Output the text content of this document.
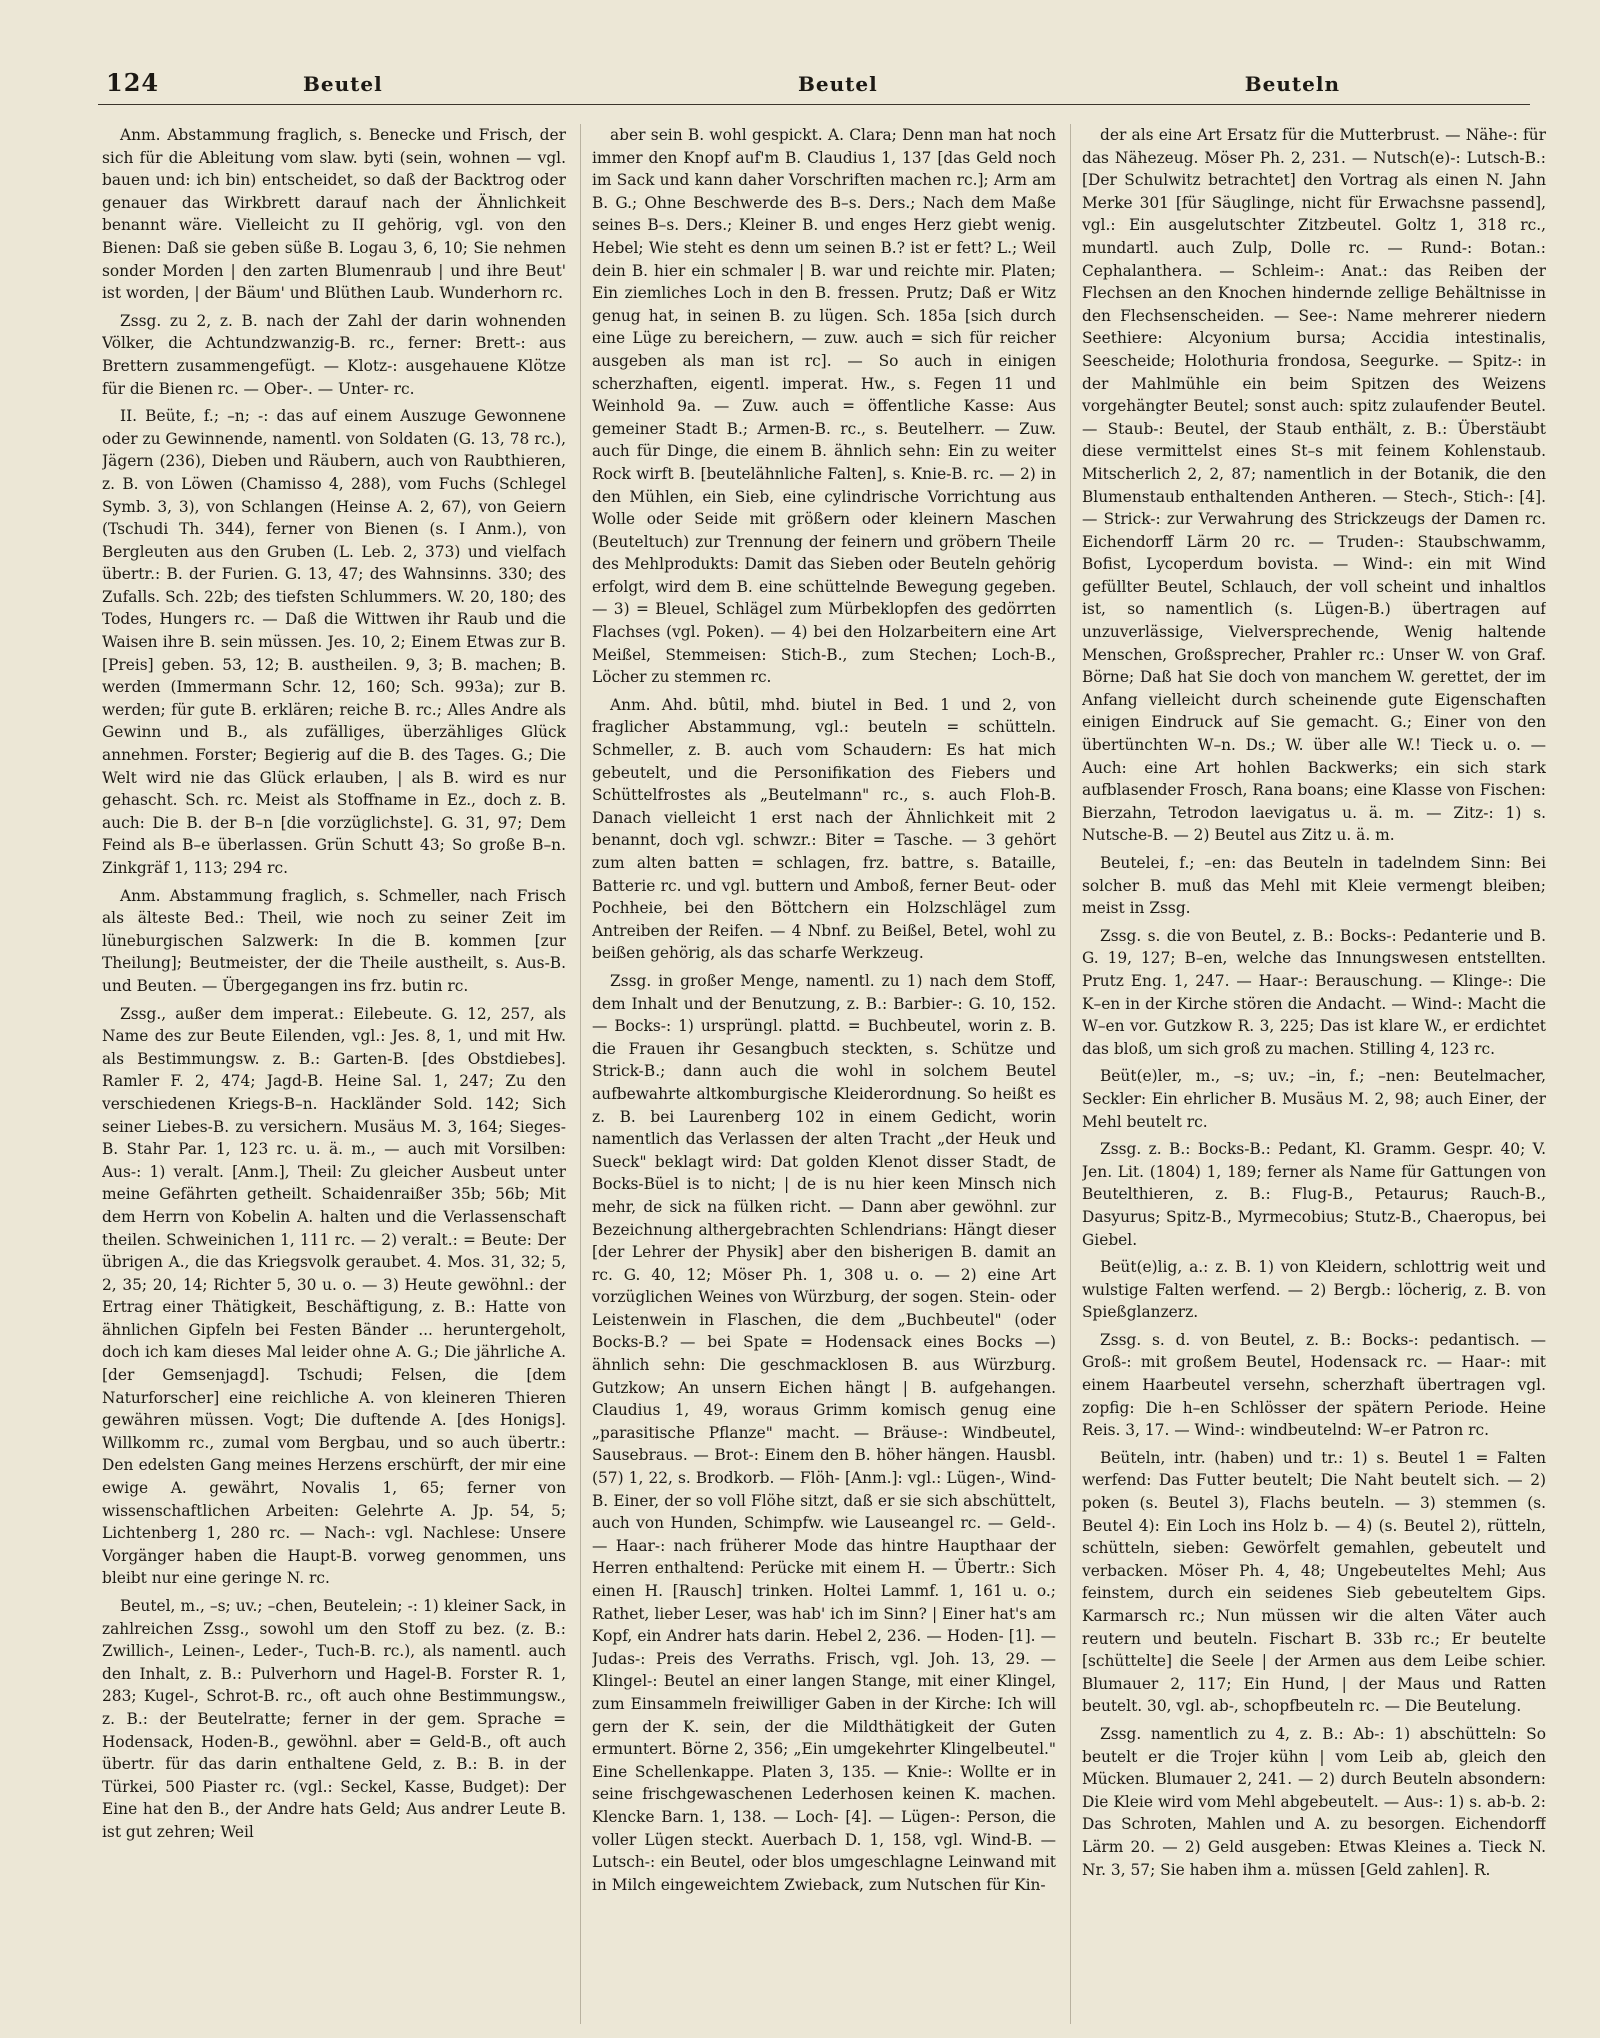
124	Beutel	Beutel	Beuteln

Anm. Abstammung fraglich, s. Benecke und Frisch, der sich für die Ableitung vom slaw. byti (sein, wohnen — vgl. bauen und: ich bin) entscheidet, so daß der Backtrog oder genauer das Wirkbrett darauf nach der Ähnlichkeit benannt wäre. Vielleicht zu II gehörig, vgl. von den Bienen: Daß sie geben süße B. Logau 3, 6, 10; Sie nehmen sonder Morden | den zarten Blumenraub | und ihre Beut' ist worden, | der Bäum' und Blüthen Laub. Wunderhorn rc.

Zssg. zu 2, z. B. nach der Zahl der darin wohnenden Völker, die Achtundzwanzig-B. rc., ferner: Brett-: aus Brettern zusammengefügt. — Klotz-: ausgehauene Klötze für die Bienen rc. — Ober-. — Unter- rc.

II. Beüte, f.; –n; -: das auf einem Auszuge Gewonnene oder zu Gewinnende, namentl. von Soldaten (G. 13, 78 rc.), Jägern (236), Dieben und Räubern, auch von Raubthieren, z. B. von Löwen (Chamisso 4, 288), vom Fuchs (Schlegel Symb. 3, 3), von Schlangen (Heinse A. 2, 67), von Geiern (Tschudi Th. 344), ferner von Bienen (s. I Anm.), von Bergleuten aus den Gruben (L. Leb. 2, 373) und vielfach übertr.: B. der Furien. G. 13, 47; des Wahnsinns. 330; des Zufalls. Sch. 22b; des tiefsten Schlummers. W. 20, 180; des Todes, Hungers rc. — Daß die Wittwen ihr Raub und die Waisen ihre B. sein müssen. Jes. 10, 2; Einem Etwas zur B. [Preis] geben. 53, 12; B. austheilen. 9, 3; B. machen; B. werden (Immermann Schr. 12, 160; Sch. 993a); zur B. werden; für gute B. erklären; reiche B. rc.; Alles Andre als Gewinn und B., als zufälliges, überzähliges Glück annehmen. Forster; Begierig auf die B. des Tages. G.; Die Welt wird nie das Glück erlauben, | als B. wird es nur gehascht. Sch. rc. Meist als Stoffname in Ez., doch z. B. auch: Die B. der B–n [die vorzüglichste]. G. 31, 97; Dem Feind als B–e überlassen. Grün Schutt 43; So große B–n. Zinkgräf 1, 113; 294 rc.

Anm. Abstammung fraglich, s. Schmeller, nach Frisch als älteste Bed.: Theil, wie noch zu seiner Zeit im lüneburgischen Salzwerk: In die B. kommen [zur Theilung]; Beutmeister, der die Theile austheilt, s. Aus-B. und Beuten. — Übergegangen ins frz. butin rc.

Zssg., außer dem imperat.: Eilebeute. G. 12, 257, als Name des zur Beute Eilenden, vgl.: Jes. 8, 1, und mit Hw. als Bestimmungsw. z. B.: Garten-B. [des Obstdiebes]. Ramler F. 2, 474; Jagd-B. Heine Sal. 1, 247; Zu den verschiedenen Kriegs-B–n. Hackländer Sold. 142; Sich seiner Liebes-B. zu versichern. Musäus M. 3, 164; Sieges-B. Stahr Par. 1, 123 rc. u. ä. m., — auch mit Vorsilben: Aus-: 1) veralt. [Anm.], Theil: Zu gleicher Ausbeut unter meine Gefährten getheilt. Schaidenraißer 35b; 56b; Mit dem Herrn von Kobelin A. halten und die Verlassenschaft theilen. Schweinichen 1, 111 rc. — 2) veralt.: = Beute: Der übrigen A., die das Kriegsvolk geraubet. 4. Mos. 31, 32; 5, 2, 35; 20, 14; Richter 5, 30 u. o. — 3) Heute gewöhnl.: der Ertrag einer Thätigkeit, Beschäftigung, z. B.: Hatte von ähnlichen Gipfeln bei Festen Bänder ... heruntergeholt, doch ich kam dieses Mal leider ohne A. G.; Die jährliche A. [der Gemsenjagd]. Tschudi; Felsen, die [dem Naturforscher] eine reichliche A. von kleineren Thieren gewähren müssen. Vogt; Die duftende A. [des Honigs]. Willkomm rc., zumal vom Bergbau, und so auch übertr.: Den edelsten Gang meines Herzens erschürft, der mir eine ewige A. gewährt, Novalis 1, 65; ferner von wissenschaftlichen Arbeiten: Gelehrte A. Jp. 54, 5; Lichtenberg 1, 280 rc. — Nach-: vgl. Nachlese: Unsere Vorgänger haben die Haupt-B. vorweg genommen, uns bleibt nur eine geringe N. rc.

Beutel, m., –s; uv.; –chen, Beutelein; -: 1) kleiner Sack, in zahlreichen Zssg., sowohl um den Stoff zu bez. (z. B.: Zwillich-, Leinen-, Leder-, Tuch-B. rc.), als namentl. auch den Inhalt, z. B.: Pulverhorn und Hagel-B. Forster R. 1, 283; Kugel-, Schrot-B. rc., oft auch ohne Bestimmungsw., z. B.: der Beutelratte; ferner in der gem. Sprache = Hodensack, Hoden-B., gewöhnl. aber = Geld-B., oft auch übertr. für das darin enthaltene Geld, z. B.: B. in der Türkei, 500 Piaster rc. (vgl.: Seckel, Kasse, Budget): Der Eine hat den B., der Andre hats Geld; Aus andrer Leute B. ist gut zehren; Weil

aber sein B. wohl gespickt. A. Clara; Denn man hat noch immer den Knopf auf'm B. Claudius 1, 137 [das Geld noch im Sack und kann daher Vorschriften machen rc.]; Arm am B. G.; Ohne Beschwerde des B–s. Ders.; Nach dem Maße seines B–s. Ders.; Kleiner B. und enges Herz giebt wenig. Hebel; Wie steht es denn um seinen B.? ist er fett? L.; Weil dein B. hier ein schmaler | B. war und reichte mir. Platen; Ein ziemliches Loch in den B. fressen. Prutz; Daß er Witz genug hat, in seinen B. zu lügen. Sch. 185a [sich durch eine Lüge zu bereichern, — zuw. auch = sich für reicher ausgeben als man ist rc]. — So auch in einigen scherzhaften, eigentl. imperat. Hw., s. Fegen 11 und Weinhold 9a. — Zuw. auch = öffentliche Kasse: Aus gemeiner Stadt B.; Armen-B. rc., s. Beutelherr. — Zuw. auch für Dinge, die einem B. ähnlich sehn: Ein zu weiter Rock wirft B. [beutelähnliche Falten], s. Knie-B. rc. — 2) in den Mühlen, ein Sieb, eine cylindrische Vorrichtung aus Wolle oder Seide mit größern oder kleinern Maschen (Beuteltuch) zur Trennung der feinern und gröbern Theile des Mehlprodukts: Damit das Sieben oder Beuteln gehörig erfolgt, wird dem B. eine schüttelnde Bewegung gegeben. — 3) = Bleuel, Schlägel zum Mürbeklopfen des gedörrten Flachses (vgl. Poken). — 4) bei den Holzarbeitern eine Art Meißel, Stemmeisen: Stich-B., zum Stechen; Loch-B., Löcher zu stemmen rc.

Anm. Ahd. bûtil, mhd. biutel in Bed. 1 und 2, von fraglicher Abstammung, vgl.: beuteln = schütteln. Schmeller, z. B. auch vom Schaudern: Es hat mich gebeutelt, und die Personifikation des Fiebers und Schüttelfrostes als „Beutelmann" rc., s. auch Floh-B. Danach vielleicht 1 erst nach der Ähnlichkeit mit 2 benannt, doch vgl. schwzr.: Biter = Tasche. — 3 gehört zum alten batten = schlagen, frz. battre, s. Bataille, Batterie rc. und vgl. buttern und Amboß, ferner Beut- oder Pochheie, bei den Böttchern ein Holzschlägel zum Antreiben der Reifen. — 4 Nbnf. zu Beißel, Betel, wohl zu beißen gehörig, als das scharfe Werkzeug.

Zssg. in großer Menge, namentl. zu 1) nach dem Stoff, dem Inhalt und der Benutzung, z. B.: Barbier-: G. 10, 152. — Bocks-: 1) ursprüngl. plattd. = Buchbeutel, worin z. B. die Frauen ihr Gesangbuch steckten, s. Schütze und Strick-B.; dann auch die wohl in solchem Beutel aufbewahrte altkomburgische Kleiderordnung. So heißt es z. B. bei Laurenberg 102 in einem Gedicht, worin namentlich das Verlassen der alten Tracht „der Heuk und Sueck" beklagt wird: Dat golden Klenot disser Stadt, de Bocks-Büel is to nicht; | de is nu hier keen Minsch nich mehr, de sick na fülken richt. — Dann aber gewöhnl. zur Bezeichnung althergebrachten Schlendrians: Hängt dieser [der Lehrer der Physik] aber den bisherigen B. damit an rc. G. 40, 12; Möser Ph. 1, 308 u. o. — 2) eine Art vorzüglichen Weines von Würzburg, der sogen. Stein- oder Leistenwein in Flaschen, die dem „Buchbeutel" (oder Bocks-B.? — bei Spate = Hodensack eines Bocks —) ähnlich sehn: Die geschmacklosen B. aus Würzburg. Gutzkow; An unsern Eichen hängt | B. aufgehangen. Claudius 1, 49, woraus Grimm komisch genug eine „parasitische Pflanze" macht. — Bräuse-: Windbeutel, Sausebraus. — Brot-: Einem den B. höher hängen. Hausbl. (57) 1, 22, s. Brodkorb. — Flöh- [Anm.]: vgl.: Lügen-, Wind-B. Einer, der so voll Flöhe sitzt, daß er sie sich abschüttelt, auch von Hunden, Schimpfw. wie Lauseangel rc. — Geld-. — Haar-: nach früherer Mode das hintre Haupthaar der Herren enthaltend: Perücke mit einem H. — Übertr.: Sich einen H. [Rausch] trinken. Holtei Lammf. 1, 161 u. o.; Rathet, lieber Leser, was hab' ich im Sinn? | Einer hat's am Kopf, ein Andrer hats darin. Hebel 2, 236. — Hoden- [1]. — Judas-: Preis des Verraths. Frisch, vgl. Joh. 13, 29. — Klingel-: Beutel an einer langen Stange, mit einer Klingel, zum Einsammeln freiwilliger Gaben in der Kirche: Ich will gern der K. sein, der die Mildthätigkeit der Guten ermuntert. Börne 2, 356; „Ein umgekehrter Klingelbeutel." Eine Schellenkappe. Platen 3, 135. — Knie-: Wollte er in seine frischgewaschenen Lederhosen keinen K. machen. Klencke Barn. 1, 138. — Loch- [4]. — Lügen-: Person, die voller Lügen steckt. Auerbach D. 1, 158, vgl. Wind-B. — Lutsch-: ein Beutel, oder blos umgeschlagne Leinwand mit in Milch eingeweichtem Zwieback, zum Nutschen für Kin-

der als eine Art Ersatz für die Mutterbrust. — Nähe-: für das Nähezeug. Möser Ph. 2, 231. — Nutsch(e)-: Lutsch-B.: [Der Schulwitz betrachtet] den Vortrag als einen N. Jahn Merke 301 [für Säuglinge, nicht für Erwachsne passend], vgl.: Ein ausgelutschter Zitzbeutel. Goltz 1, 318 rc., mundartl. auch Zulp, Dolle rc. — Rund-: Botan.: Cephalanthera. — Schleim-: Anat.: das Reiben der Flechsen an den Knochen hindernde zellige Behältnisse in den Flechsenscheiden. — See-: Name mehrerer niedern Seethiere: Alcyonium bursa; Accidia intestinalis, Seescheide; Holothuria frondosa, Seegurke. — Spitz-: in der Mahlmühle ein beim Spitzen des Weizens vorgehängter Beutel; sonst auch: spitz zulaufender Beutel. — Staub-: Beutel, der Staub enthält, z. B.: Überstäubt diese vermittelst eines St–s mit feinem Kohlenstaub. Mitscherlich 2, 2, 87; namentlich in der Botanik, die den Blumenstaub enthaltenden Antheren. — Stech-, Stich-: [4]. — Strick-: zur Verwahrung des Strickzeugs der Damen rc. Eichendorff Lärm 20 rc. — Truden-: Staubschwamm, Bofist, Lycoperdum bovista. — Wind-: ein mit Wind gefüllter Beutel, Schlauch, der voll scheint und inhaltlos ist, so namentlich (s. Lügen-B.) übertragen auf unzuverlässige, Vielversprechende, Wenig haltende Menschen, Großsprecher, Prahler rc.: Unser W. von Graf. Börne; Daß hat Sie doch von manchem W. gerettet, der im Anfang vielleicht durch scheinende gute Eigenschaften einigen Eindruck auf Sie gemacht. G.; Einer von den übertünchten W–n. Ds.; W. über alle W.! Tieck u. o. — Auch: eine Art hohlen Backwerks; ein sich stark aufblasender Frosch, Rana boans; eine Klasse von Fischen: Bierzahn, Tetrodon laevigatus u. ä. m. — Zitz-: 1) s. Nutsche-B. — 2) Beutel aus Zitz u. ä. m.

Beutelei, f.; –en: das Beuteln in tadelndem Sinn: Bei solcher B. muß das Mehl mit Kleie vermengt bleiben; meist in Zssg.

Zssg. s. die von Beutel, z. B.: Bocks-: Pedanterie und B. G. 19, 127; B–en, welche das Innungswesen entstellten. Prutz Eng. 1, 247. — Haar-: Berauschung. — Klinge-: Die K–en in der Kirche stören die Andacht. — Wind-: Macht die W–en vor. Gutzkow R. 3, 225; Das ist klare W., er erdichtet das bloß, um sich groß zu machen. Stilling 4, 123 rc.

Beüt(e)ler, m., –s; uv.; –in, f.; –nen: Beutelmacher, Seckler: Ein ehrlicher B. Musäus M. 2, 98; auch Einer, der Mehl beutelt rc.

Zssg. z. B.: Bocks-B.: Pedant, Kl. Gramm. Gespr. 40; V. Jen. Lit. (1804) 1, 189; ferner als Name für Gattungen von Beutelthieren, z. B.: Flug-B., Petaurus; Rauch-B., Dasyurus; Spitz-B., Myrmecobius; Stutz-B., Chaeropus, bei Giebel.

Beüt(e)lig, a.: z. B. 1) von Kleidern, schlottrig weit und wulstige Falten werfend. — 2) Bergb.: löcherig, z. B. von Spießglanzerz.

Zssg. s. d. von Beutel, z. B.: Bocks-: pedantisch. — Groß-: mit großem Beutel, Hodensack rc. — Haar-: mit einem Haarbeutel versehn, scherzhaft übertragen vgl. zopfig: Die h–en Schlösser der spätern Periode. Heine Reis. 3, 17. — Wind-: windbeutelnd: W–er Patron rc.

Beüteln, intr. (haben) und tr.: 1) s. Beutel 1 = Falten werfend: Das Futter beutelt; Die Naht beutelt sich. — 2) poken (s. Beutel 3), Flachs beuteln. — 3) stemmen (s. Beutel 4): Ein Loch ins Holz b. — 4) (s. Beutel 2), rütteln, schütteln, sieben: Gewörfelt gemahlen, gebeutelt und verbacken. Möser Ph. 4, 48; Ungebeuteltes Mehl; Aus feinstem, durch ein seidenes Sieb gebeuteltem Gips. Karmarsch rc.; Nun müssen wir die alten Väter auch reutern und beuteln. Fischart B. 33b rc.; Er beutelte [schüttelte] die Seele | der Armen aus dem Leibe schier. Blumauer 2, 117; Ein Hund, | der Maus und Ratten beutelt. 30, vgl. ab-, schopfbeuteln rc. — Die Beutelung.

Zssg. namentlich zu 4, z. B.: Ab-: 1) abschütteln: So beutelt er die Trojer kühn | vom Leib ab, gleich den Mücken. Blumauer 2, 241. — 2) durch Beuteln absondern: Die Kleie wird vom Mehl abgebeutelt. — Aus-: 1) s. ab-b. 2: Das Schroten, Mahlen und A. zu besorgen. Eichendorff Lärm 20. — 2) Geld ausgeben: Etwas Kleines a. Tieck N. Nr. 3, 57; Sie haben ihm a. müssen [Geld zahlen]. R.
